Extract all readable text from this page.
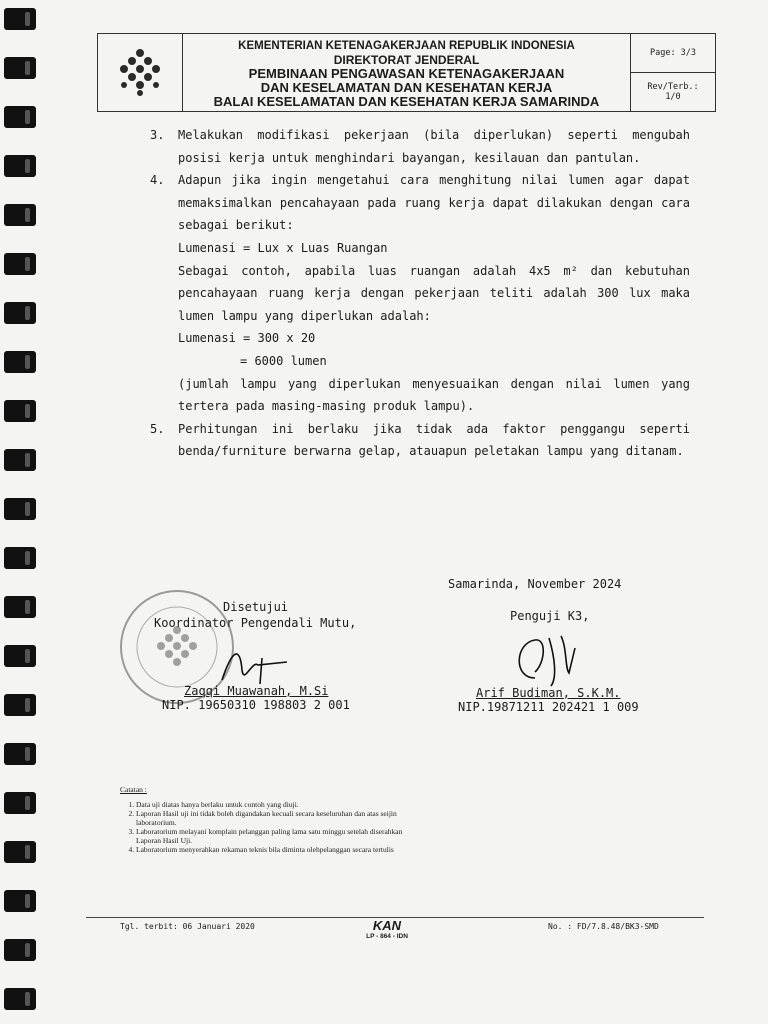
KEMENTERIAN KETENAGAKERJAAN REPUBLIK INDONESIA
DIREKTORAT JENDERAL
PEMBINAAN PENGAWASAN KETENAGAKERJAAN
DAN KESELAMATAN DAN KESEHATAN KERJA
BALAI KESELAMATAN DAN KESEHATAN KERJA SAMARINDA
Page: 3/3
Rev/Terb.:
1/0
3.	Melakukan modifikasi pekerjaan (bila diperlukan) seperti mengubah posisi kerja untuk menghindari bayangan, kesilauan dan pantulan.
4.	Adapun jika ingin mengetahui cara menghitung nilai lumen agar dapat memaksimalkan pencahayaan pada ruang kerja dapat dilakukan dengan cara sebagai berikut:
Lumenasi = Lux x Luas Ruangan
Sebagai contoh, apabila luas ruangan adalah 4x5 m² dan kebutuhan pencahayaan ruang kerja dengan pekerjaan teliti adalah 300 lux maka lumen lampu yang diperlukan adalah:
Lumenasi = 300 x 20
= 6000 lumen
(jumlah lampu yang diperlukan menyesuaikan dengan nilai lumen yang tertera pada masing-masing produk lampu).
5.	Perhitungan ini berlaku jika tidak ada faktor penggangu seperti benda/furniture berwarna gelap, atauapun peletakan lampu yang ditanam.
Samarinda, November 2024
Disetujui
Koordinator Pengendali Mutu,	Penguji K3,
Zaqqi Muawanah, M.Si
NIP. 19650310 198803 2 001
Arif Budiman, S.K.M.
NIP.19871211 202421 1 009
Catatan :
1. Data uji diatas hanya berlaku untuk contoh yang diuji.
2. Laporan Hasil uji ini tidak boleh digandakan kecuali secara keseluruhan dan atas seijin laboratorium.
3. Laboratorium melayani komplain pelanggan paling lama satu minggu setelah diserahkan Laporan Hasil Uji.
4. Laboratorium menyerahkan rekaman teknis bila diminta olehpelanggan secara tertulis
Tgl. terbit: 06 Januari 2020	KAN
LP - 864 - IDN
No. : FD/7.8.48/BK3-SMD
